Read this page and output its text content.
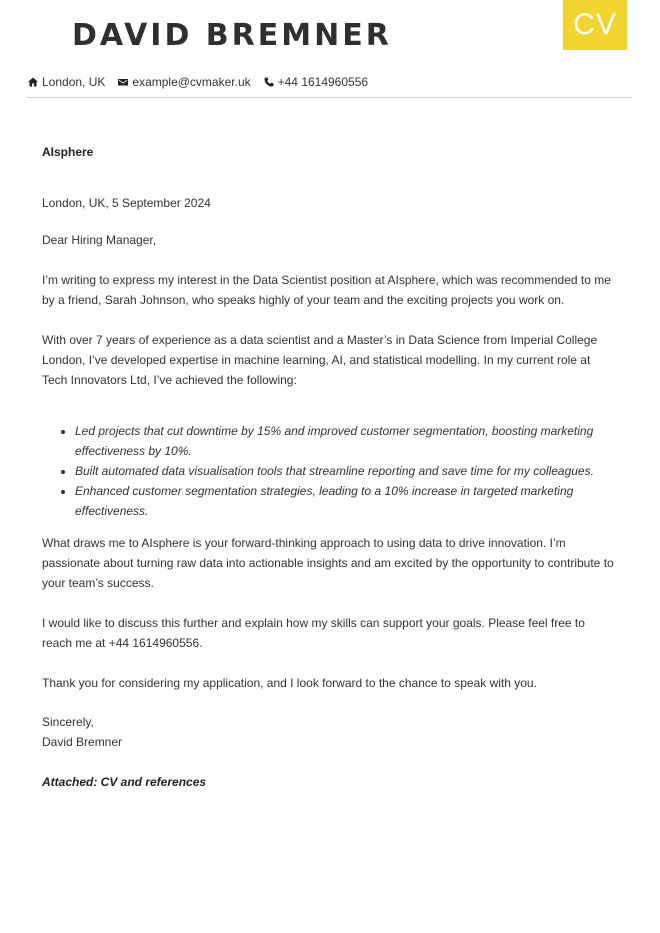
DAVID BREMNER	CV
London, UK example@cvmaker.uk +44 1614960556
AIsphere

London, UK, 5 September 2024

Dear Hiring Manager,

I’m writing to express my interest in the Data Scientist position at AIsphere, which was recommended to me by a friend, Sarah Johnson, who speaks highly of your team and the exciting projects you work on.

With over 7 years of experience as a data scientist and a Master’s in Data Science from Imperial College London, I’ve developed expertise in machine learning, AI, and statistical modelling. In my current role at Tech Innovators Ltd, I’ve achieved the following:

• Led projects that cut downtime by 15% and improved customer segmentation, boosting marketing effectiveness by 10%.
• Built automated data visualisation tools that streamline reporting and save time for my colleagues.
• Enhanced customer segmentation strategies, leading to a 10% increase in targeted marketing effectiveness.

What draws me to AIsphere is your forward-thinking approach to using data to drive innovation. I’m passionate about turning raw data into actionable insights and am excited by the opportunity to contribute to your team’s success.

I would like to discuss this further and explain how my skills can support your goals. Please feel free to reach me at +44 1614960556.

Thank you for considering my application, and I look forward to the chance to speak with you.

Sincerely,

David Bremner

Attached: CV and references
